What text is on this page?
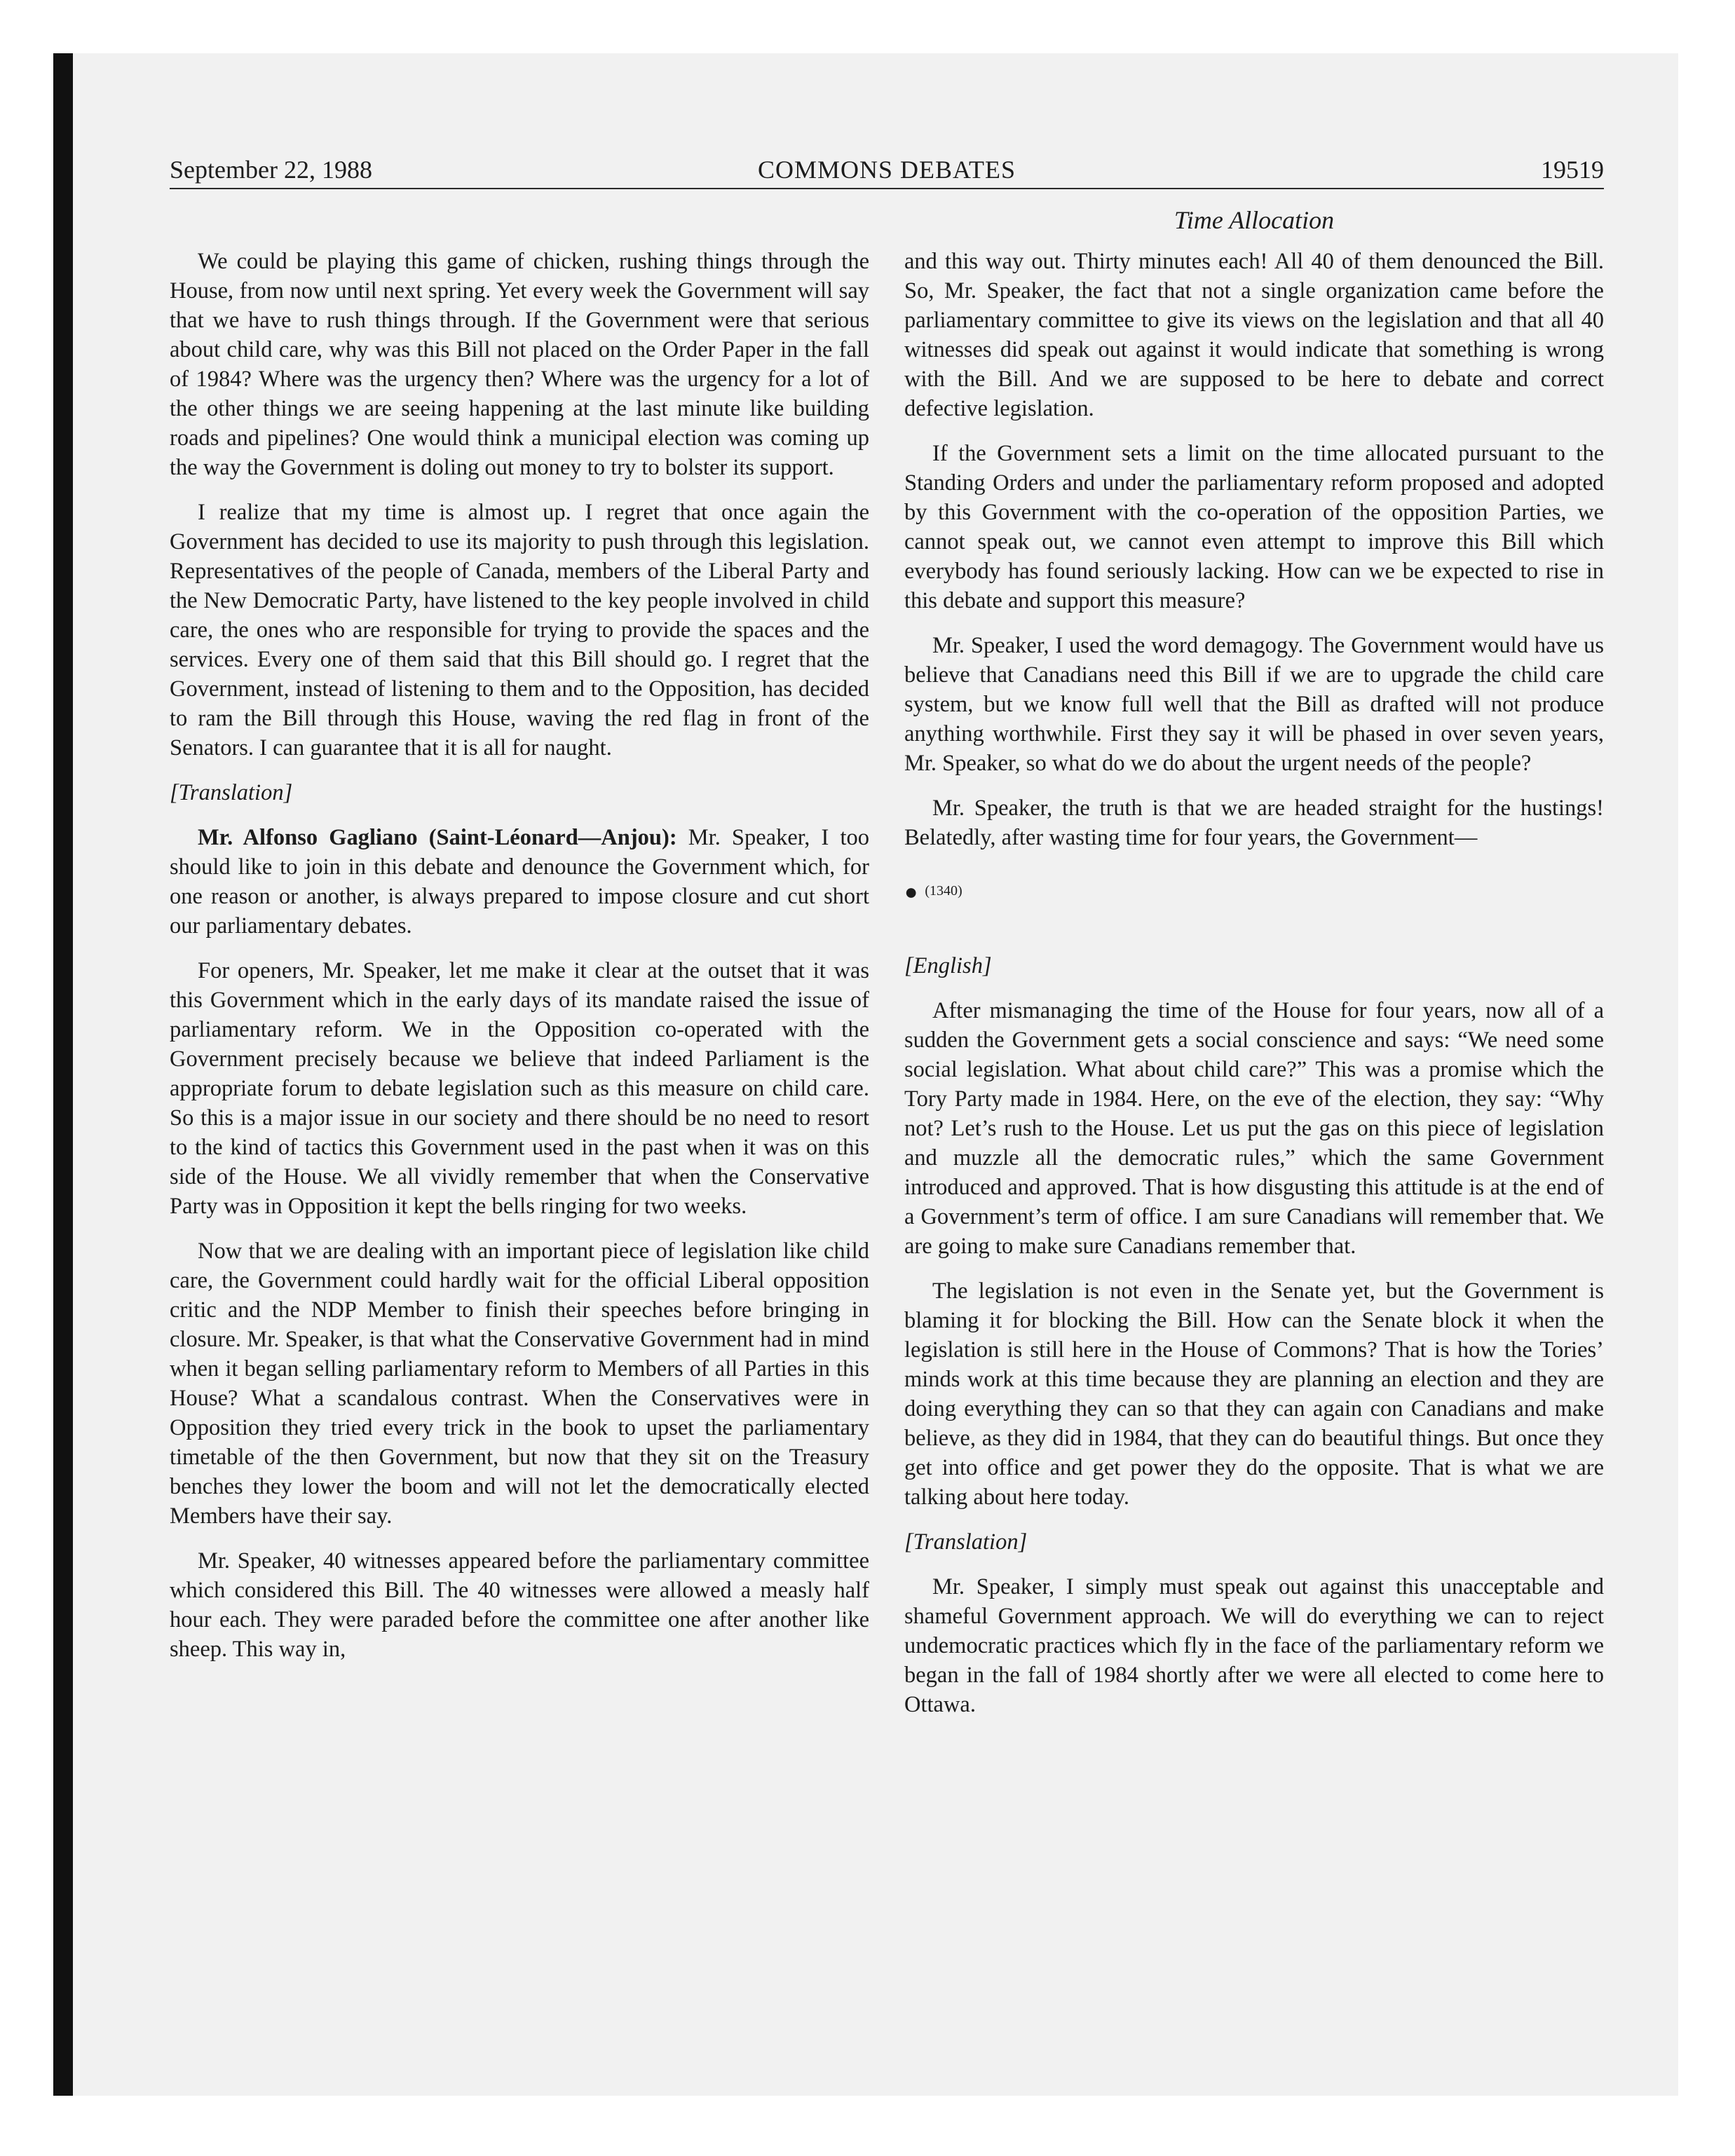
September 22, 1988	COMMONS DEBATES	19519
Time Allocation

We could be playing this game of chicken, rushing things through the House, from now until next spring. Yet every week the Government will say that we have to rush things through. If the Government were that serious about child care, why was this Bill not placed on the Order Paper in the fall of 1984? Where was the urgency then? Where was the urgency for a lot of the other things we are seeing happening at the last minute like building roads and pipelines? One would think a municipal election was coming up the way the Government is doling out money to try to bolster its support.

I realize that my time is almost up. I regret that once again the Government has decided to use its majority to push through this legislation. Representatives of the people of Canada, members of the Liberal Party and the New Democratic Party, have listened to the key people involved in child care, the ones who are responsible for trying to provide the spaces and the services. Every one of them said that this Bill should go. I regret that the Government, instead of listening to them and to the Opposition, has decided to ram the Bill through this House, waving the red flag in front of the Senators. I can guarantee that it is all for naught.

[Translation]

Mr. Alfonso Gagliano (Saint-Léonard—Anjou): Mr. Speaker, I too should like to join in this debate and denounce the Government which, for one reason or another, is always prepared to impose closure and cut short our parliamentary debates.

For openers, Mr. Speaker, let me make it clear at the outset that it was this Government which in the early days of its mandate raised the issue of parliamentary reform. We in the Opposition co-operated with the Government precisely because we believe that indeed Parliament is the appropriate forum to debate legislation such as this measure on child care. So this is a major issue in our society and there should be no need to resort to the kind of tactics this Government used in the past when it was on this side of the House. We all vividly remember that when the Conservative Party was in Opposition it kept the bells ringing for two weeks.

Now that we are dealing with an important piece of legislation like child care, the Government could hardly wait for the official Liberal opposition critic and the NDP Member to finish their speeches before bringing in closure. Mr. Speaker, is that what the Conservative Government had in mind when it began selling parliamentary reform to Members of all Parties in this House? What a scandalous contrast. When the Conservatives were in Opposition they tried every trick in the book to upset the parliamentary timetable of the then Government, but now that they sit on the Treasury benches they lower the boom and will not let the democratically elected Members have their say.

Mr. Speaker, 40 witnesses appeared before the parliamentary committee which considered this Bill. The 40 witnesses were allowed a measly half hour each. They were paraded before the committee one after another like sheep. This way in,

and this way out. Thirty minutes each! All 40 of them denounced the Bill. So, Mr. Speaker, the fact that not a single organization came before the parliamentary committee to give its views on the legislation and that all 40 witnesses did speak out against it would indicate that something is wrong with the Bill. And we are supposed to be here to debate and correct defective legislation.

If the Government sets a limit on the time allocated pursuant to the Standing Orders and under the parliamentary reform proposed and adopted by this Government with the co-operation of the opposition Parties, we cannot speak out, we cannot even attempt to improve this Bill which everybody has found seriously lacking. How can we be expected to rise in this debate and support this measure?

Mr. Speaker, I used the word demagogy. The Government would have us believe that Canadians need this Bill if we are to upgrade the child care system, but we know full well that the Bill as drafted will not produce anything worthwhile. First they say it will be phased in over seven years, Mr. Speaker, so what do we do about the urgent needs of the people?

Mr. Speaker, the truth is that we are headed straight for the hustings! Belatedly, after wasting time for four years, the Government—

● (1340)
[English]

After mismanaging the time of the House for four years, now all of a sudden the Government gets a social conscience and says: “We need some social legislation. What about child care?” This was a promise which the Tory Party made in 1984. Here, on the eve of the election, they say: “Why not? Let’s rush to the House. Let us put the gas on this piece of legislation and muzzle all the democratic rules,” which the same Government introduced and approved. That is how disgusting this attitude is at the end of a Government’s term of office. I am sure Canadians will remember that. We are going to make sure Canadians remember that.

The legislation is not even in the Senate yet, but the Government is blaming it for blocking the Bill. How can the Senate block it when the legislation is still here in the House of Commons? That is how the Tories’ minds work at this time because they are planning an election and they are doing everything they can so that they can again con Canadians and make believe, as they did in 1984, that they can do beautiful things. But once they get into office and get power they do the opposite. That is what we are talking about here today.

[Translation]

Mr. Speaker, I simply must speak out against this unacceptable and shameful Government approach. We will do everything we can to reject undemocratic practices which fly in the face of the parliamentary reform we began in the fall of 1984 shortly after we were all elected to come here to Ottawa.
